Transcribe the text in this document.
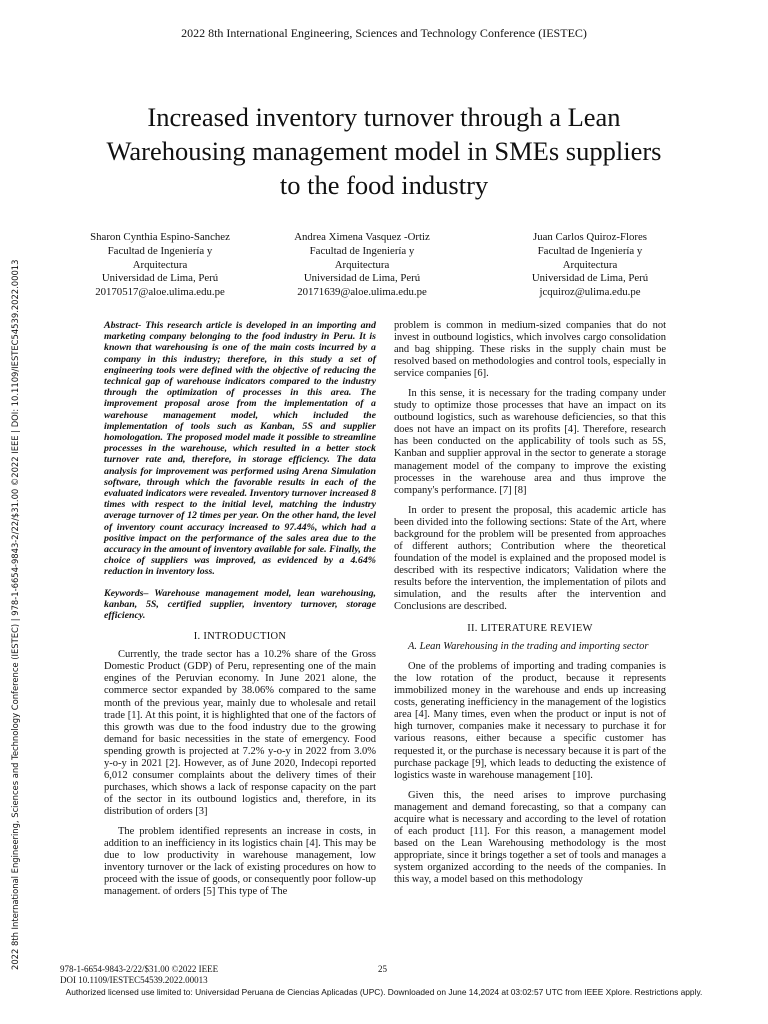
2022 8th International Engineering, Sciences and Technology Conference (IESTEC)
2022 8th International Engineering, Sciences and Technology Conference (IESTEC) | 978-1-6654-9843-2/22/$31.00 ©2022 IEEE | DOI: 10.1109/IESTEC54539.2022.00013
Increased inventory turnover through a Lean
Warehousing management model in SMEs suppliers
to the food industry
Sharon Cynthia Espino-Sanchez
Facultad de Ingeniería y
Arquitectura
Universidad de Lima, Perú
20170517@aloe.ulima.edu.pe
Andrea Ximena Vasquez -Ortiz
Facultad de Ingeniería y
Arquitectura
Universidad de Lima, Perú
20171639@aloe.ulima.edu.pe
Juan Carlos Quiroz-Flores
Facultad de Ingeniería y
Arquitectura
Universidad de Lima, Perú
jcquiroz@ulima.edu.pe

Abstract- This research article is developed in an importing and marketing company belonging to the food industry in Peru. It is known that warehousing is one of the main costs incurred by a company in this industry; therefore, in this study a set of engineering tools were defined with the objective of reducing the technical gap of warehouse indicators compared to the industry through the optimization of processes in this area. The improvement proposal arose from the implementation of a warehouse management model, which included the implementation of tools such as Kanban, 5S and supplier homologation. The proposed model made it possible to streamline processes in the warehouse, which resulted in a better stock turnover rate and, therefore, in storage efficiency. The data analysis for improvement was performed using Arena Simulation software, through which the favorable results in each of the evaluated indicators were revealed. Inventory turnover increased 8 times with respect to the initial level, matching the industry average turnover of 12 times per year. On the other hand, the level of inventory count accuracy increased to 97.44%, which had a positive impact on the performance of the sales area due to the accuracy in the amount of inventory available for sale. Finally, the choice of suppliers was improved, as evidenced by a 4.64% reduction in inventory loss.

Keywords– Warehouse management model, lean warehousing, kanban, 5S, certified supplier, inventory turnover, storage efficiency.

I. INTRODUCTION

Currently, the trade sector has a 10.2% share of the Gross Domestic Product (GDP) of Peru, representing one of the main engines of the Peruvian economy. In June 2021 alone, the commerce sector expanded by 38.06% compared to the same month of the previous year, mainly due to wholesale and retail trade [1]. At this point, it is highlighted that one of the factors of this growth was due to the food industry due to the growing demand for basic necessities in the state of emergency. Food spending growth is projected at 7.2% y-o-y in 2022 from 3.0% y-o-y in 2021 [2]. However, as of June 2020, Indecopi reported 6,012 consumer complaints about the delivery times of their purchases, which shows a lack of response capacity on the part of the sector in its outbound logistics and, therefore, in its distribution of orders [3]

The problem identified represents an increase in costs, in addition to an inefficiency in its logistics chain [4]. This may be due to low productivity in warehouse management, low inventory turnover or the lack of existing procedures on how to proceed with the issue of goods, or consequently poor follow-up management. of orders [5] This type of The

problem is common in medium-sized companies that do not invest in outbound logistics, which involves cargo consolidation and bag shipping. These risks in the supply chain must be resolved based on methodologies and control tools, especially in service companies [6].

In this sense, it is necessary for the trading company under study to optimize those processes that have an impact on its outbound logistics, such as warehouse deficiencies, so that this does not have an impact on its profits [4]. Therefore, research has been conducted on the applicability of tools such as 5S, Kanban and supplier approval in the sector to generate a storage management model of the company to improve the existing processes in the warehouse area and thus improve the company's performance. [7] [8]

In order to present the proposal, this academic article has been divided into the following sections: State of the Art, where background for the problem will be presented from approaches of different authors; Contribution where the theoretical foundation of the model is explained and the proposed model is described with its respective indicators; Validation where the results before the intervention, the implementation of pilots and simulation, and the results after the intervention and Conclusions are described.

II. LITERATURE REVIEW

A. Lean Warehousing in the trading and importing sector

One of the problems of importing and trading companies is the low rotation of the product, because it represents immobilized money in the warehouse and ends up increasing costs, generating inefficiency in the management of the logistics area [4]. Many times, even when the product or input is not of high turnover, companies make it necessary to purchase it for various reasons, either because a specific customer has requested it, or the purchase is necessary because it is part of the purchase package [9], which leads to deducting the existence of logistics waste in warehouse management [10].

Given this, the need arises to improve purchasing management and demand forecasting, so that a company can acquire what is necessary and according to the level of rotation of each product [11]. For this reason, a management model based on the Lean Warehousing methodology is the most appropriate, since it brings together a set of tools and manages a system organized according to the needs of the companies. In this way, a model based on this methodology

978-1-6654-9843-2/22/$31.00 ©2022 IEEE
DOI 10.1109/IESTEC54539.2022.00013
25
Authorized licensed use limited to: Universidad Peruana de Ciencias Aplicadas (UPC). Downloaded on June 14,2024 at 03:02:57 UTC from IEEE Xplore. Restrictions apply.
